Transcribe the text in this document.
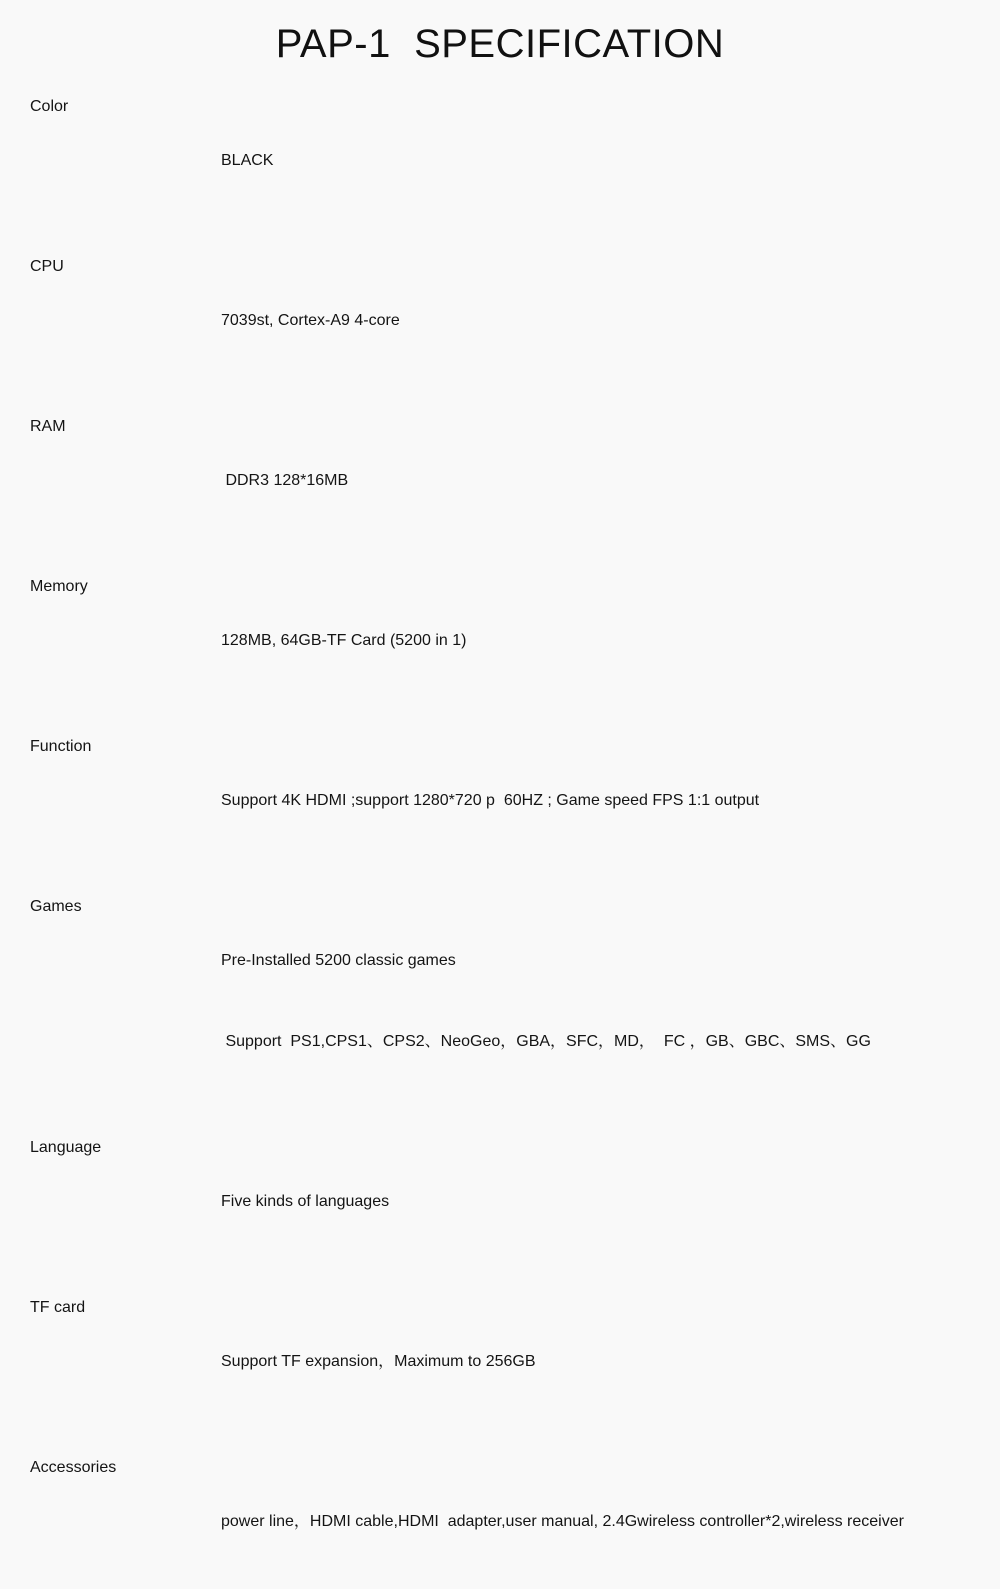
PAP-1  SPECIFICATION
Color

BLACK

CPU

7039st, Cortex-A9 4-core

RAM

DDR3 128*16MB

Memory

128MB, 64GB-TF Card (5200 in 1)

Function

Support 4K HDMI ;support 1280*720 p  60HZ ; Game speed FPS 1:1 output

Games

Pre-Installed 5200 classic games

Support  PS1,CPS1、CPS2、NeoGeo，GBA，SFC，MD，  FC ，GB、GBC、SMS、GG

Language

Five kinds of languages

TF card

Support TF expansion，Maximum to 256GB

Accessories

power line，HDMI cable,HDMI  adapter,user manual, 2.4Gwireless controller*2,wireless receiver
